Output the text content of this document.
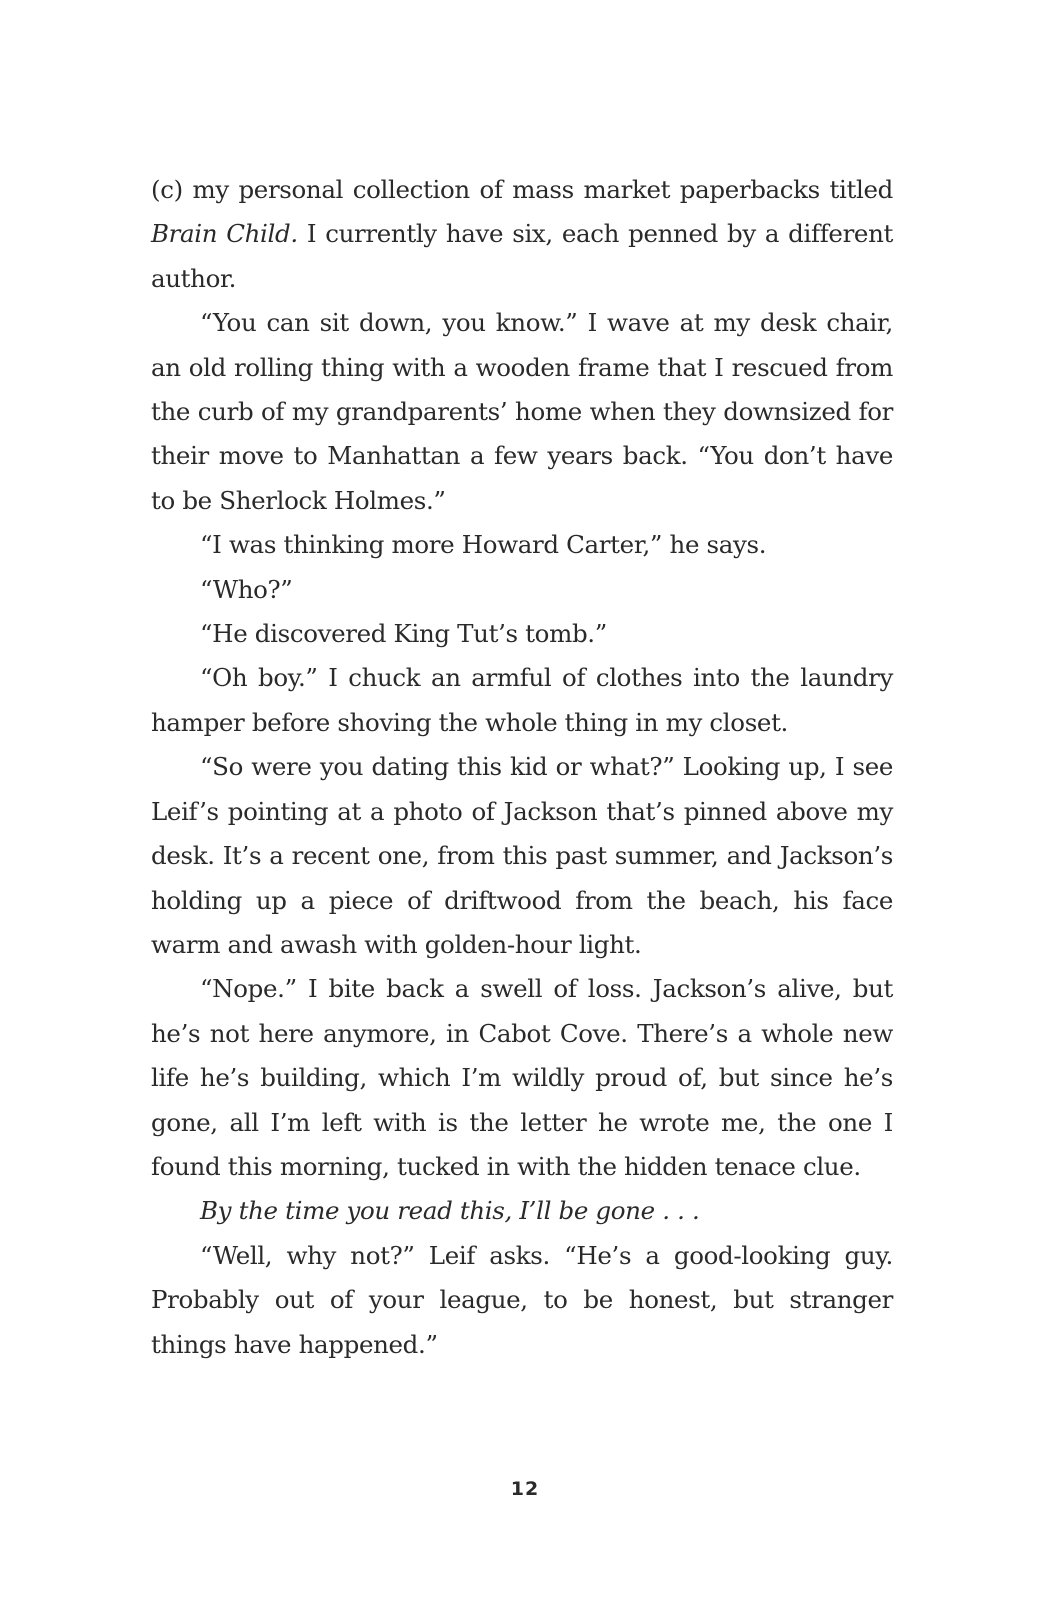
(c) my personal collection of mass market paperbacks titled Brain Child. I currently have six, each penned by a different author.

“You can sit down, you know.” I wave at my desk chair, an old rolling thing with a wooden frame that I rescued from the curb of my grandparents’ home when they downsized for their move to Manhattan a few years back. “You don’t have to be Sherlock Holmes.”

“I was thinking more Howard Carter,” he says.

“Who?”

“He discovered King Tut’s tomb.”

“Oh boy.” I chuck an armful of clothes into the laundry hamper before shoving the whole thing in my closet.

“So were you dating this kid or what?” Looking up, I see Leif’s pointing at a photo of Jackson that’s pinned above my desk. It’s a recent one, from this past summer, and Jackson’s holding up a piece of driftwood from the beach, his face warm and awash with golden-hour light.

“Nope.” I bite back a swell of loss. Jackson’s alive, but he’s not here anymore, in Cabot Cove. There’s a whole new life he’s building, which I’m wildly proud of, but since he’s gone, all I’m left with is the letter he wrote me, the one I found this morning, tucked in with the hidden tenace clue.

By the time you read this, I’ll be gone . . .

“Well, why not?” Leif asks. “He’s a good-looking guy. Probably out of your league, to be honest, but stranger things have happened.”

12
